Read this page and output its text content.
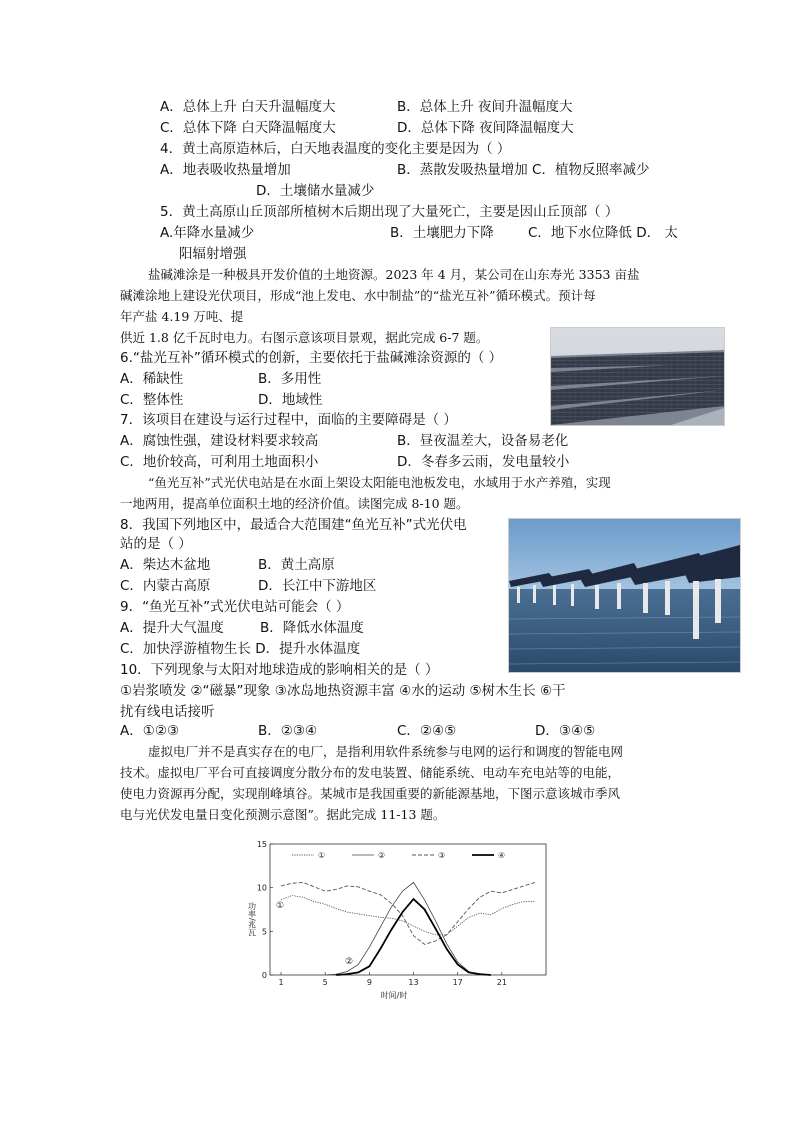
A．总体上升 白天升温幅度大	B．总体上升 夜间升温幅度大
C．总体下降 白天降温幅度大	D．总体下降 夜间降温幅度大
4．黄土高原造林后，白天地表温度的变化主要是因为（ ）
A．地表吸收热量增加	B．蒸散发吸热量增加 C．植物反照率减少
D．土壤储水量减少
5．黄土高原山丘顶部所植树木后期出现了大量死亡，主要是因山丘顶部（ ）
A.年降水量减少	B．土壤肥力下降	C．地下水位降低 D． 太
阳辐射增强
盐碱滩涂是一种极具开发价值的土地资源。2023 年 4 月，某公司在山东寿光 3353 亩盐
碱滩涂地上建设光伏项目，形成“池上发电、水中制盐”的“盐光互补”循环模式。预计每
年产盐 4.19 万吨、提
供近 1.8 亿千瓦时电力。右图示意该项目景观，据此完成 6-7 题。
6.“盐光互补”循环模式的创新，主要依托于盐碱滩涂资源的（ ）
A．稀缺性	B．多用性
C．整体性	D．地域性
7．该项目在建设与运行过程中，面临的主要障碍是（ ）
A．腐蚀性强，建设材料要求较高	B．昼夜温差大，设备易老化
C．地价较高，可利用土地面积小	D．冬春多云雨，发电量较小
“鱼光互补”式光伏电站是在水面上架设太阳能电池板发电，水域用于水产养殖，实现
一地两用，提高单位面积土地的经济价值。读图完成 8-10 题。
8．我国下列地区中，最适合大范围建“鱼光互补”式光伏电
站的是（ ）
A．柴达木盆地	B．黄土高原
C．内蒙古高原	D．长江中下游地区
9．“鱼光互补”式光伏电站可能会（ ）
A．提升大气温度	B．降低水体温度
C．加快浮游植物生长 D．提升水体温度
10．下列现象与太阳对地球造成的影响相关的是（ ）
①岩浆喷发 ②“磁暴”现象 ③冰岛地热资源丰富 ④水的运动 ⑤树木生长 ⑥干
扰有线电话接听
A．①②③	B．②③④	C．②④⑤	D．③④⑤
虚拟电厂并不是真实存在的电厂，是指利用软件系统参与电网的运行和调度的智能电网
技术。虚拟电厂平台可直接调度分散分布的发电装置、储能系统、电动车充电站等的电能，
使电力资源再分配，实现削峰填谷。某城市是我国重要的新能源基地，下图示意该城市季风
电与光伏发电量日变化预测示意图”。据此完成 11-13 题。
0
5
10
15
1	5	9	13	17	21
①	②	③	④
功率/兆瓦
时间/时
①
②
